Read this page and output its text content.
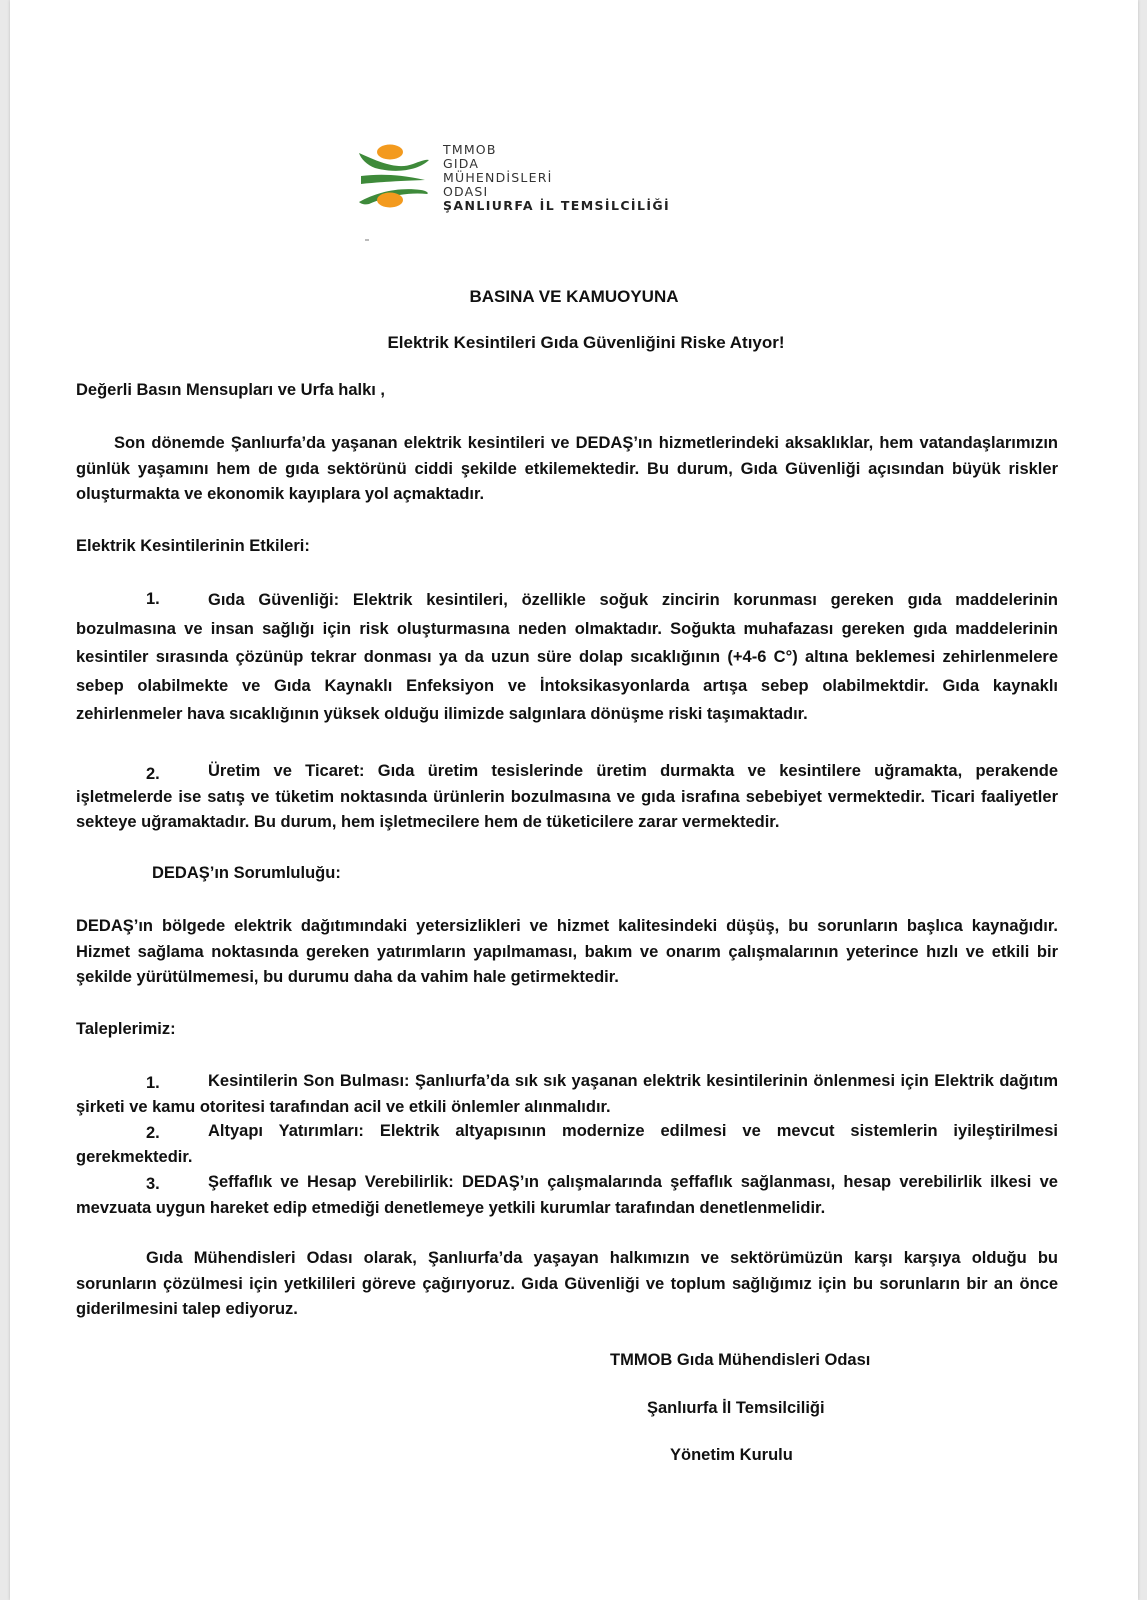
TMMOB
GIDA
MÜHENDİSLERİ
ODASI
ŞANLIURFA İL TEMSİLCİLİĞİ
BASINA VE KAMUOYUNA
Elektrik Kesintileri Gıda Güvenliğini Riske Atıyor!
Değerli Basın Mensupları ve Urfa halkı ,
Son dönemde Şanlıurfa’da yaşanan elektrik kesintileri ve DEDAŞ’ın hizmetlerindeki aksaklıklar, hem vatandaşlarımızın günlük yaşamını hem de gıda sektörünü ciddi şekilde etkilemektedir. Bu durum, Gıda Güvenliği açısından büyük riskler oluşturmakta ve ekonomik kayıplara yol açmaktadır.
Elektrik Kesintilerinin Etkileri:
1.	Gıda Güvenliği: Elektrik kesintileri, özellikle soğuk zincirin korunması gereken gıda maddelerinin bozulmasına ve insan sağlığı için risk oluşturmasına neden olmaktadır. Soğukta muhafazası gereken gıda maddelerinin kesintiler sırasında çözünüp tekrar donması ya da uzun süre dolap sıcaklığının (+4-6 C°) altına beklemesi zehirlenmelere sebep olabilmekte ve Gıda Kaynaklı Enfeksiyon ve İntoksikasyonlarda artışa sebep olabilmektdir. Gıda kaynaklı zehirlenmeler hava sıcaklığının yüksek olduğu ilimizde salgınlara dönüşme riski taşımaktadır.
2.	Üretim ve Ticaret: Gıda üretim tesislerinde üretim durmakta ve kesintilere uğramakta, perakende işletmelerde ise satış ve tüketim noktasında ürünlerin bozulmasına ve gıda israfına sebebiyet vermektedir. Ticari faaliyetler sekteye uğramaktadır. Bu durum, hem işletmecilere hem de tüketicilere zarar vermektedir.
DEDAŞ’ın Sorumluluğu:
DEDAŞ’ın bölgede elektrik dağıtımındaki yetersizlikleri ve hizmet kalitesindeki düşüş, bu sorunların başlıca kaynağıdır. Hizmet sağlama noktasında gereken yatırımların yapılmaması, bakım ve onarım çalışmalarının yeterince hızlı ve etkili bir şekilde yürütülmemesi, bu durumu daha da vahim hale getirmektedir.
Taleplerimiz:
1.	Kesintilerin Son Bulması: Şanlıurfa’da sık sık yaşanan elektrik kesintilerinin önlenmesi için Elektrik dağıtım şirketi ve kamu otoritesi tarafından acil ve etkili önlemler alınmalıdır.
2.	Altyapı Yatırımları: Elektrik altyapısının modernize edilmesi ve mevcut sistemlerin iyileştirilmesi gerekmektedir.
3.	Şeffaflık ve Hesap Verebilirlik: DEDAŞ’ın çalışmalarında şeffaflık sağlanması, hesap verebilirlik ilkesi ve mevzuata uygun hareket edip etmediği denetlemeye yetkili kurumlar tarafından denetlenmelidir.
Gıda Mühendisleri Odası olarak, Şanlıurfa’da yaşayan halkımızın ve sektörümüzün karşı karşıya olduğu bu sorunların çözülmesi için yetkilileri göreve çağırıyoruz. Gıda Güvenliği ve toplum sağlığımız için bu sorunların bir an önce giderilmesini talep ediyoruz.
TMMOB Gıda Mühendisleri Odası
Şanlıurfa İl Temsilciliği
Yönetim Kurulu
